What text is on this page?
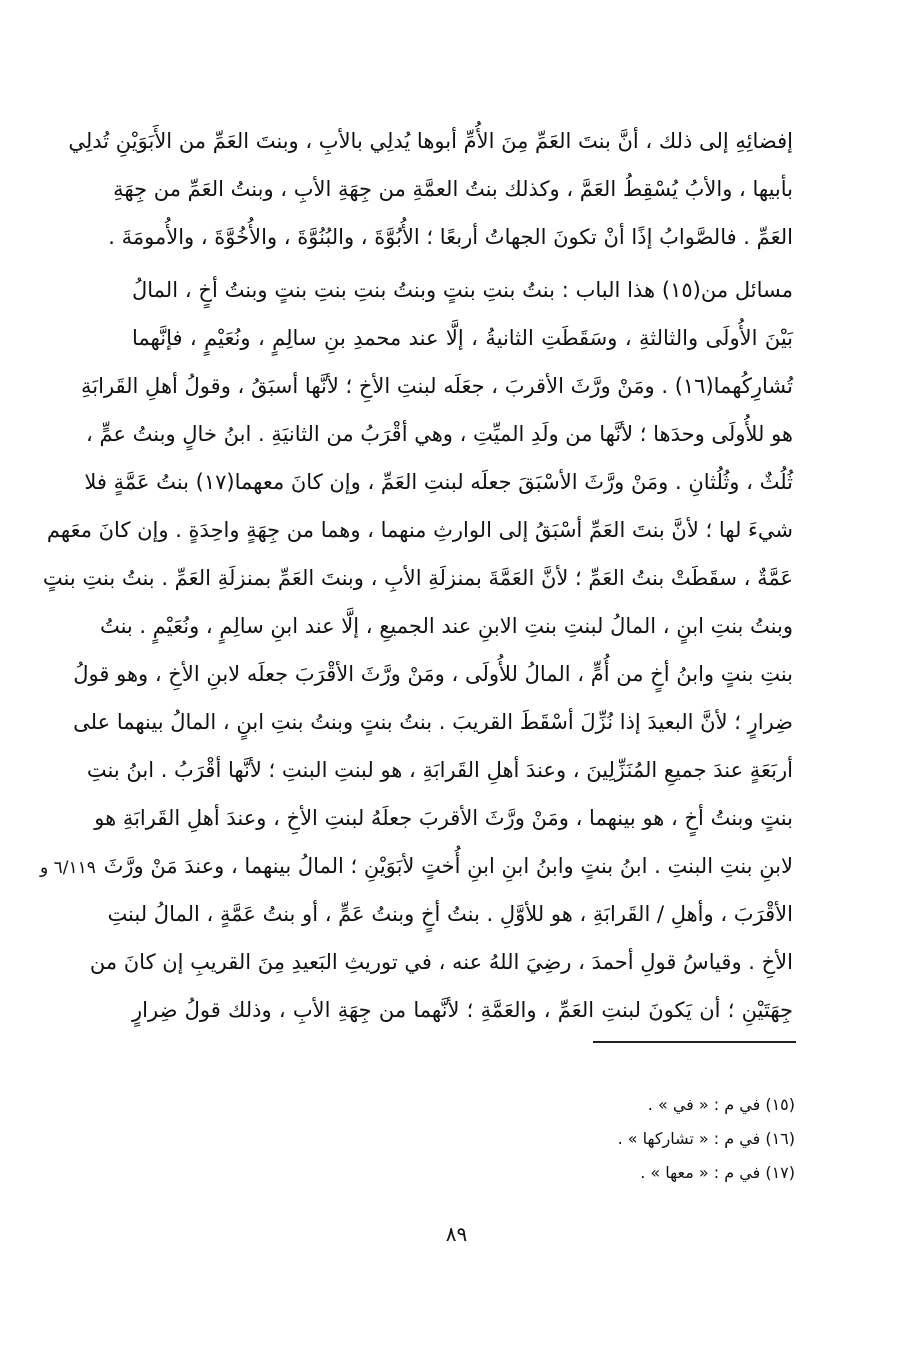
إفضائِهِ إلى ذلك ، أنَّ بنتَ العَمِّ مِنَ الأُمِّ أبوها يُدلِي بالأبِ ، وبنتَ العَمِّ من الأَبَوَيْنِ تُدلِي
بأبيها ، والأبُ يُسْقِطُ العَمَّ ، وكذلك بنتُ العمَّةِ من جِهَةِ الأبِ ، وبنتُ العَمِّ من جِهَةِ
العَمِّ . فالصَّوابُ إذًا أنْ تكونَ الجهاتُ أربعًا ؛ الأُبُوَّةَ ، والبُنُوَّةَ ، والأُخُوَّةَ ، والأُمومَةَ .
مسائل من(١٥) هذا الباب : بنتُ بنتِ بنتٍ وبنتُ بنتِ بنتِ بنتٍ وبنتُ أخٍ ، المالُ
بَيْنَ الأُولَى والثالثةِ ، وسَقَطَتِ الثانيةُ ، إلَّا عند محمدِ بنِ سالِمٍ ، ونُعَيْمٍ ، فإنَّهما
تُشارِكُهما(١٦) . ومَنْ ورَّثَ الأقربَ ، جعَلَه لبنتِ الأخِ ؛ لأنَّها أسبَقُ ، وقولُ أهلِ القَرابَةِ
هو للأُولَى وحدَها ؛ لأنَّها من ولَدِ الميِّتِ ، وهي أقْرَبُ من الثانيَةِ . ابنُ خالٍ وبنتُ عمٍّ ،
ثُلُثٌ ، وثُلُثانِ . ومَنْ ورَّثَ الأسْبَقَ جعلَه لبنتِ العَمِّ ، وإن كانَ معهما(١٧) بنتُ عَمَّةٍ فلا
شيءَ لها ؛ لأنَّ بنتَ العَمِّ أسْبَقُ إلى الوارثِ منهما ، وهما من جِهَةٍ واحِدَةٍ . وإن كانَ معَهم
عَمَّةٌ ، سقَطَتْ بنتُ العَمِّ ؛ لأنَّ العَمَّةَ بمنزلَةِ الأبِ ، وبنتَ العَمِّ بمنزلَةِ العَمِّ . بنتُ بنتِ بنتٍ
وبنتُ بنتِ ابنٍ ، المالُ لبنتِ بنتِ الابنِ عند الجميعِ ، إلَّا عند ابنِ سالِمٍ ، ونُعَيْمٍ . بنتُ
بنتِ بنتٍ وابنُ أخٍ من أُمٍّ ، المالُ للأُولَى ، ومَنْ ورَّثَ الأقْرَبَ جعلَه لابنِ الأخِ ، وهو قولُ
ضِرارٍ ؛ لأنَّ البعيدَ إذا نُزِّلَ أسْقَطَ القريبَ . بنتُ بنتٍ وبنتُ بنتِ ابنٍ ، المالُ بينهما على
أربَعَةٍ عندَ جميعِ المُنَزِّلِينَ ، وعندَ أهلِ القَرابَةِ ، هو لبنتِ البنتِ ؛ لأنَّها أقْرَبُ . ابنُ بنتِ
بنتٍ وبنتُ أخٍ ، هو بينهما ، ومَنْ ورَّثَ الأقربَ جعلَهُ لبنتِ الأخِ ، وعندَ أهلِ القَرابَةِ هو
لابنِ بنتِ البنتِ . ابنُ بنتٍ وابنُ ابنِ ابنِ أُختٍ لأبَوَيْنِ ؛ المالُ بينهما ، وعندَ مَنْ ورَّثَ
الأقْرَبَ ، وأهلِ / القَرابَةِ ، هو للأوَّلِ . بنتُ أخٍ وبنتُ عَمٍّ ، أو بنتُ عَمَّةٍ ، المالُ لبنتِ
الأخِ . وقياسُ قولِ أحمدَ ، رضِيَ اللهُ عنه ، في توريثِ البَعيدِ مِنَ القريبِ إن كانَ من
جِهَتَيْنِ ؛ أن يَكونَ لبنتِ العَمِّ ، والعَمَّةِ ؛ لأنَّهما من جِهَةِ الأبِ ، وذلك قولُ ضِرارٍ
٦/١١٩ و
(١٥) في م : « في » .
(١٦) في م : « تشاركها » .
(١٧) في م : « معها » .
٨٩
